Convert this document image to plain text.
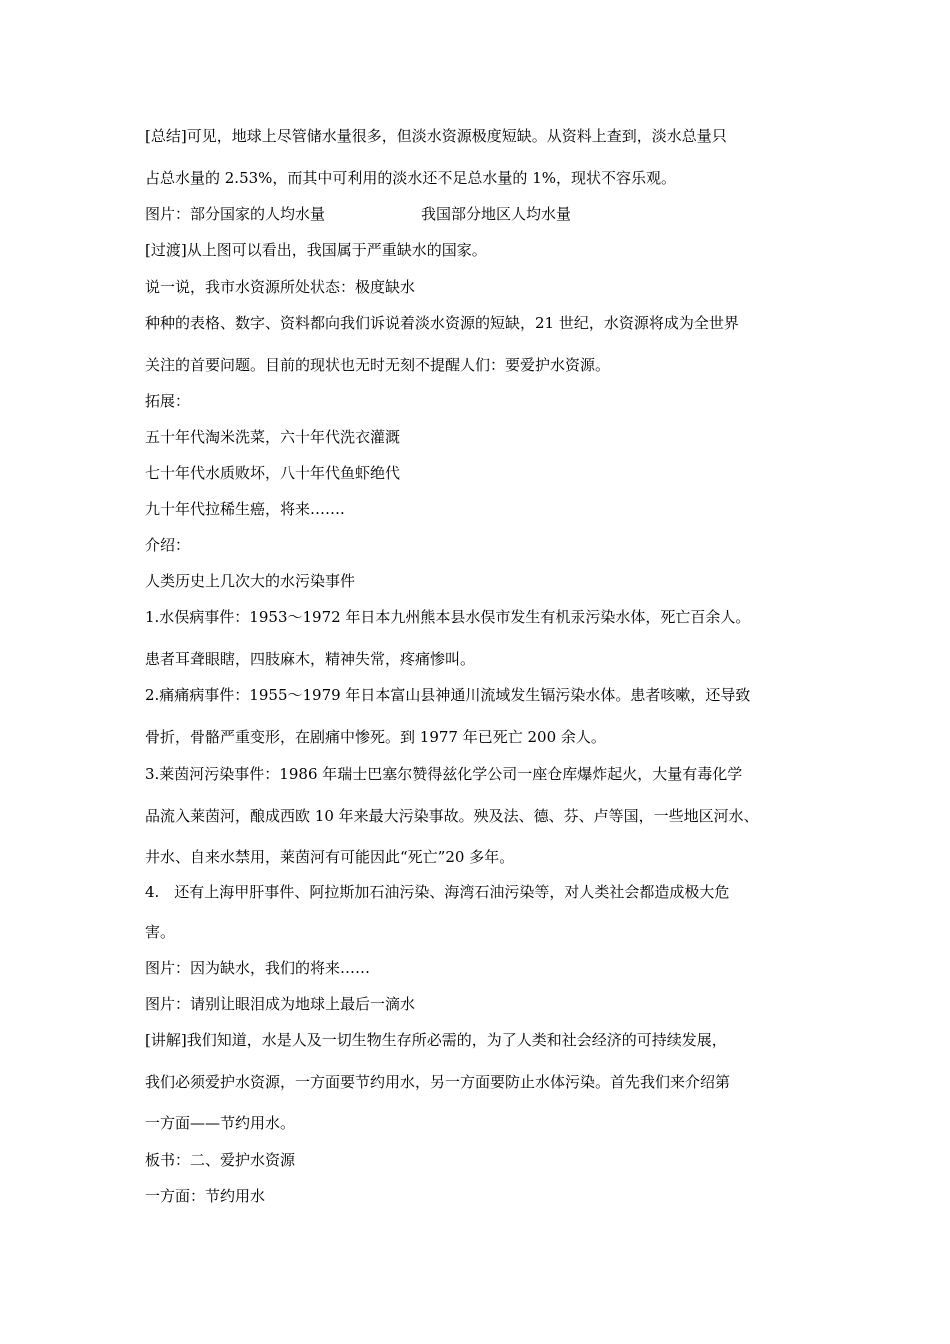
[总结]可见，地球上尽管储水量很多，但淡水资源极度短缺。从资料上查到，淡水总量只
占总水量的 2.53%，而其中可利用的淡水还不足总水量的 1%，现状不容乐观。
图片：部分国家的人均水量	我国部分地区人均水量
[过渡]从上图可以看出，我国属于严重缺水的国家。
说一说，我市水资源所处状态：极度缺水
种种的表格、数字、资料都向我们诉说着淡水资源的短缺，21 世纪，水资源将成为全世界
关注的首要问题。目前的现状也无时无刻不提醒人们：要爱护水资源。
拓展：
五十年代淘米洗菜，六十年代洗衣灌溉
七十年代水质败坏，八十年代鱼虾绝代
九十年代拉稀生癌，将来…….
介绍：
人类历史上几次大的水污染事件
1.水俣病事件：1953～1972 年日本九州熊本县水俣市发生有机汞污染水体，死亡百余人。
患者耳聋眼瞎，四肢麻木，精神失常，疼痛惨叫。
2.痛痛病事件：1955～1979 年日本富山县神通川流域发生镉污染水体。患者咳嗽，还导致
骨折，骨骼严重变形，在剧痛中惨死。到 1977 年已死亡 200 余人。
3.莱茵河污染事件：1986 年瑞士巴塞尔赞得兹化学公司一座仓库爆炸起火，大量有毒化学
品流入莱茵河，酿成西欧 10 年来最大污染事故。殃及法、德、芬、卢等国，一些地区河水、
井水、自来水禁用，莱茵河有可能因此“死亡”20 多年。
4.　还有上海甲肝事件、阿拉斯加石油污染、海湾石油污染等，对人类社会都造成极大危
害。
图片：因为缺水，我们的将来……
图片：请别让眼泪成为地球上最后一滴水
[讲解]我们知道，水是人及一切生物生存所必需的，为了人类和社会经济的可持续发展，
我们必须爱护水资源，一方面要节约用水，另一方面要防止水体污染。首先我们来介绍第
一方面——节约用水。
板书：二、爱护水资源
一方面：节约用水
